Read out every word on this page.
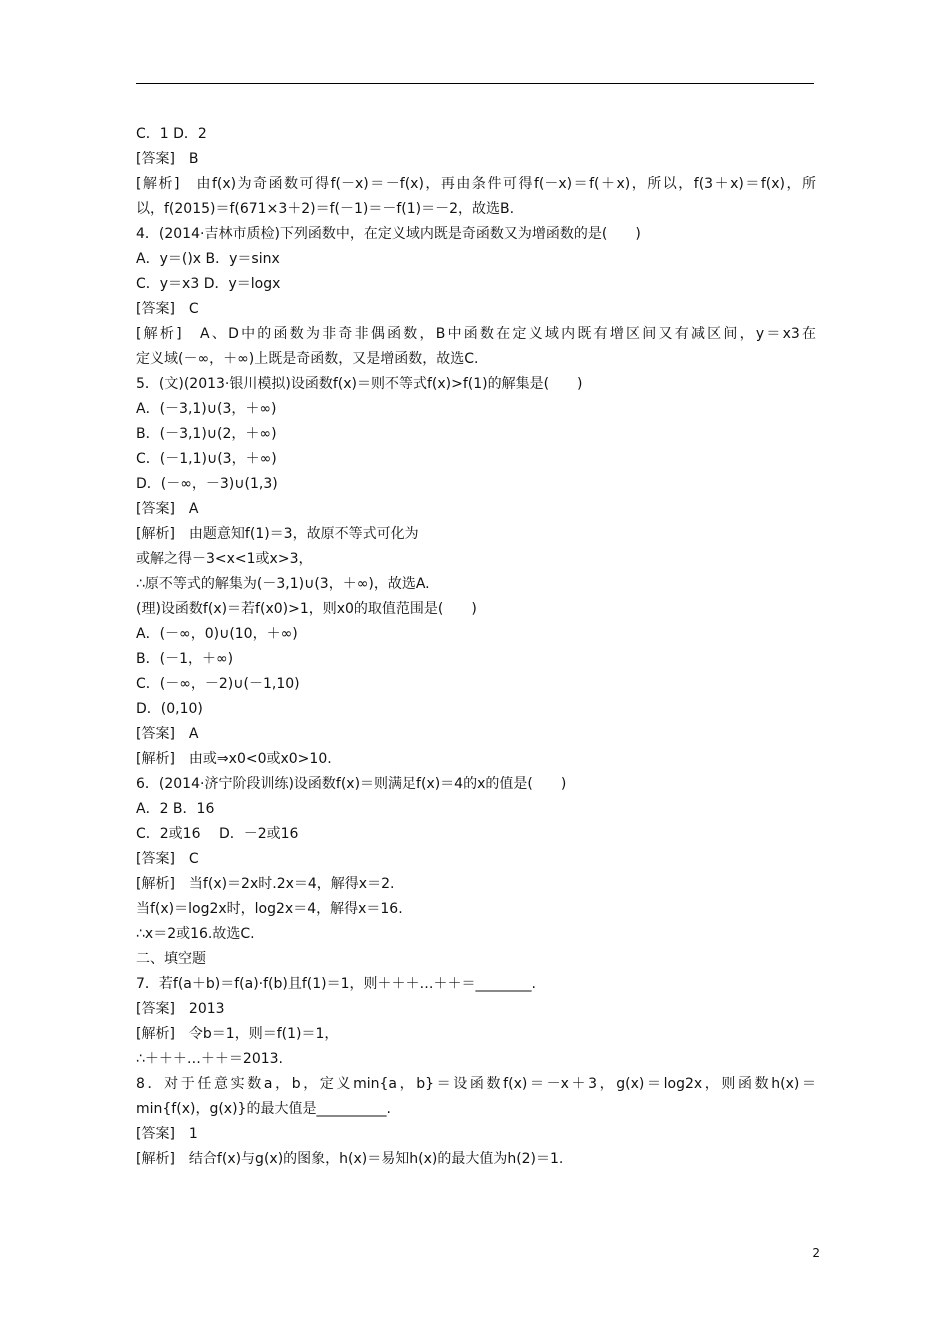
C．1 D．2
[答案]　B
[解析]　由f(x)为奇函数可得f(－x)＝－f(x)，再由条件可得f(－x)＝f(＋x)，所以，f(3＋x)＝f(x)，所
以，f(2015)＝f(671×3＋2)＝f(－1)＝－f(1)＝－2，故选B.
4．(2014·吉林市质检)下列函数中，在定义域内既是奇函数又为增函数的是(　　)
A．y＝()x B．y＝sinx
C．y＝x3 D．y＝logx
[答案]　C
[解析]　A、D中的函数为非奇非偶函数，B中函数在定义域内既有增区间又有减区间，y＝x3在
定义域(－∞，＋∞)上既是奇函数，又是增函数，故选C.
5．(文)(2013·银川模拟)设函数f(x)＝则不等式f(x)>f(1)的解集是(　　)
A．(－3,1)∪(3，＋∞)
B．(－3,1)∪(2，＋∞)
C．(－1,1)∪(3，＋∞)
D．(－∞，－3)∪(1,3)
[答案]　A
[解析]　由题意知f(1)＝3，故原不等式可化为
或解之得－3<x<1或x>3，
∴原不等式的解集为(－3,1)∪(3，＋∞)，故选A.
(理)设函数f(x)＝若f(x0)>1，则x0的取值范围是(　　)
A．(－∞，0)∪(10，＋∞)
B．(－1，＋∞)
C．(－∞，－2)∪(－1,10)
D．(0,10)
[答案]　A
[解析]　由或⇒x0<0或x0>10.
6．(2014·济宁阶段训练)设函数f(x)＝则满足f(x)＝4的x的值是(　　)
A．2 B．16
C．2或16　 D．－2或16
[答案]　C
[解析]　当f(x)＝2x时.2x＝4，解得x＝2.
当f(x)＝log2x时，log2x＝4，解得x＝16.
∴x＝2或16.故选C.
二、填空题
7．若f(a＋b)＝f(a)·f(b)且f(1)＝1，则＋＋＋…＋＋＝________.
[答案]　2013
[解析]　令b＝1，则＝f(1)＝1，
∴＋＋＋…＋＋＝2013.
8．对于任意实数a，b，定义min{a，b}＝设函数f(x)＝－x＋3，g(x)＝log2x，则函数h(x)＝
min{f(x)，g(x)}的最大值是__________.
[答案]　1
[解析]　结合f(x)与g(x)的图象，h(x)＝易知h(x)的最大值为h(2)＝1.
2
